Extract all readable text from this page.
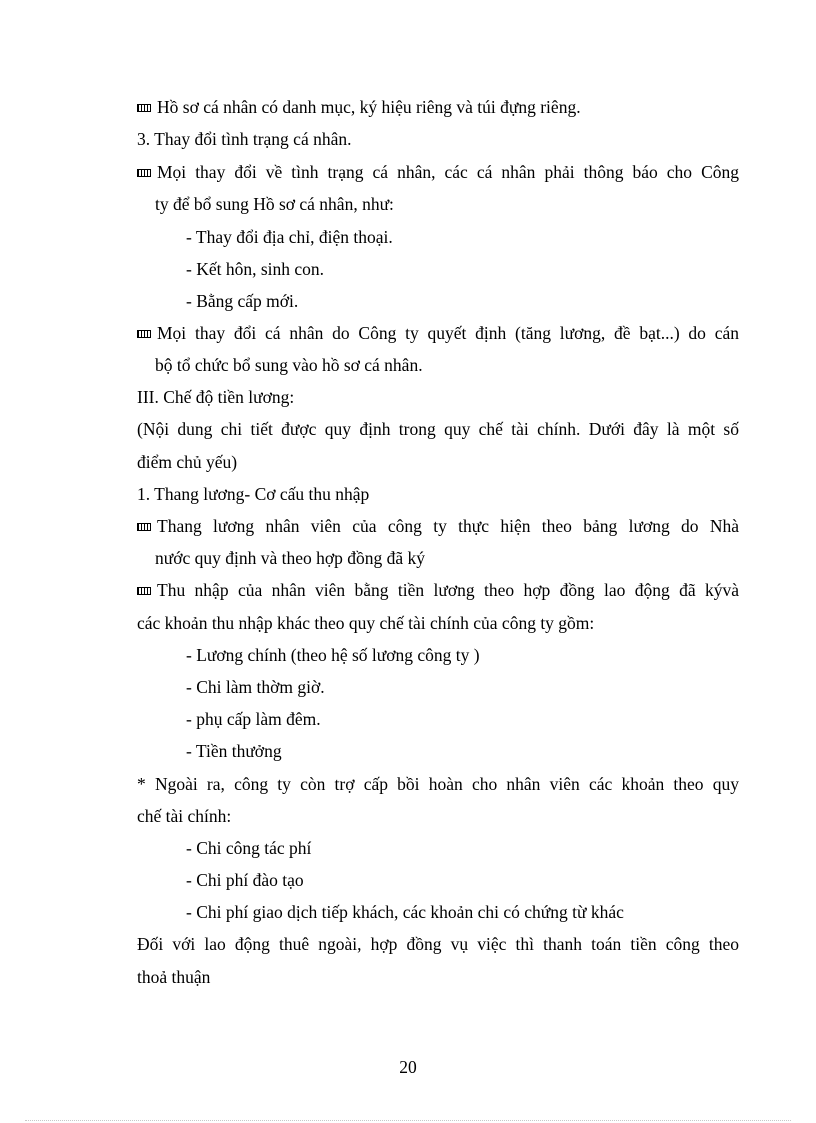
Hồ sơ cá nhân có danh mục, ký hiệu riêng và túi đựng riêng.
3. Thay đổi tình trạng cá nhân.
Mọi thay đổi về tình trạng cá nhân, các cá nhân phải thông báo cho Công
ty để bổ sung Hồ sơ cá nhân, như:
- Thay đổi địa chỉ, điện thoại.
- Kết hôn, sinh con.
- Bằng cấp mới.
Mọi thay đổi cá nhân do Công ty quyết định (tăng lương, đề bạt...) do cán
bộ tổ chức bổ sung vào hồ sơ cá nhân.
III. Chế độ tiền lương:
(Nội dung chi tiết được quy định trong quy chế tài chính. Dưới đây là một số
điểm chủ yếu)
1. Thang lương- Cơ cấu thu nhập
Thang lương nhân viên của công ty thực hiện theo bảng lương do Nhà
nước quy định và theo hợp đồng đã ký
Thu nhập của nhân viên bằng tiền lương theo hợp đồng lao động đã kývà
các khoản thu nhập khác theo quy chế tài chính của công ty gồm:
- Lương chính (theo hệ số lương công ty )
- Chi làm thờm giờ.
- phụ cấp làm đêm.
- Tiền thưởng
* Ngoài ra, công ty còn trợ cấp bồi hoàn cho nhân viên các khoản theo quy
chế tài chính:
- Chi công tác phí
- Chi phí đào tạo
- Chi phí giao dịch tiếp khách, các khoản chi có chứng từ khác
Đối với lao động thuê ngoài, hợp đồng vụ việc thì thanh toán tiền công theo
thoả thuận
20
